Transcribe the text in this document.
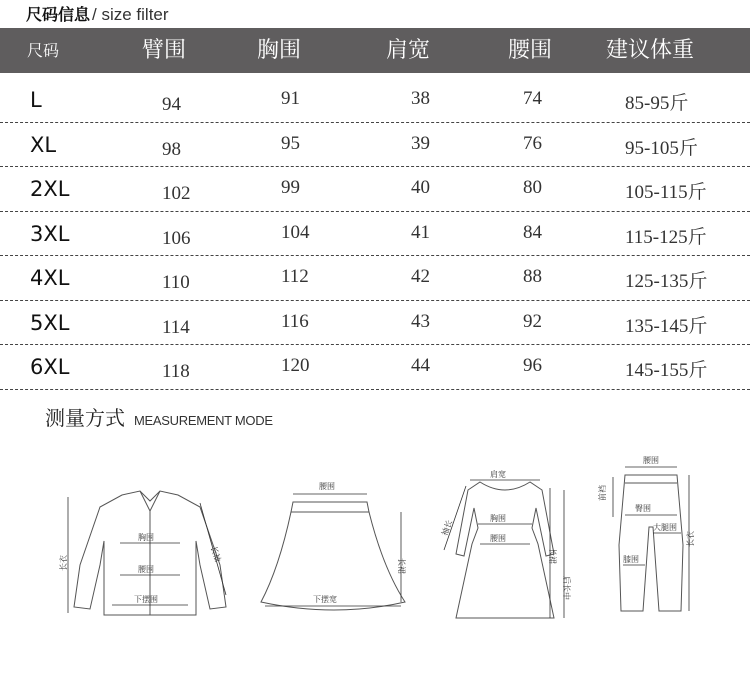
尺码信息 / size filter
尺码	臂围	胸围	肩宽	腰围 建议体重
L	94	91	38	74	85-95斤
XL	98	95	39	76	95-105斤
2XL	102	99	40	80	105-115斤
3XL	106	104	41	84	115-125斤
4XL	110	112	42	88	125-135斤
5XL	114	116	43	92	135-145斤
6XL	118	120	44	96	145-155斤
测量方式 MEASUREMENT MODE
胸围
腰围
下摆围
长衣	长袖
腰围
下摆宽
长裙
肩宽
胸围
腰围
袖长
长裙
后长中
腰围
臀围
大腿围
膝围
前裆
长衣
